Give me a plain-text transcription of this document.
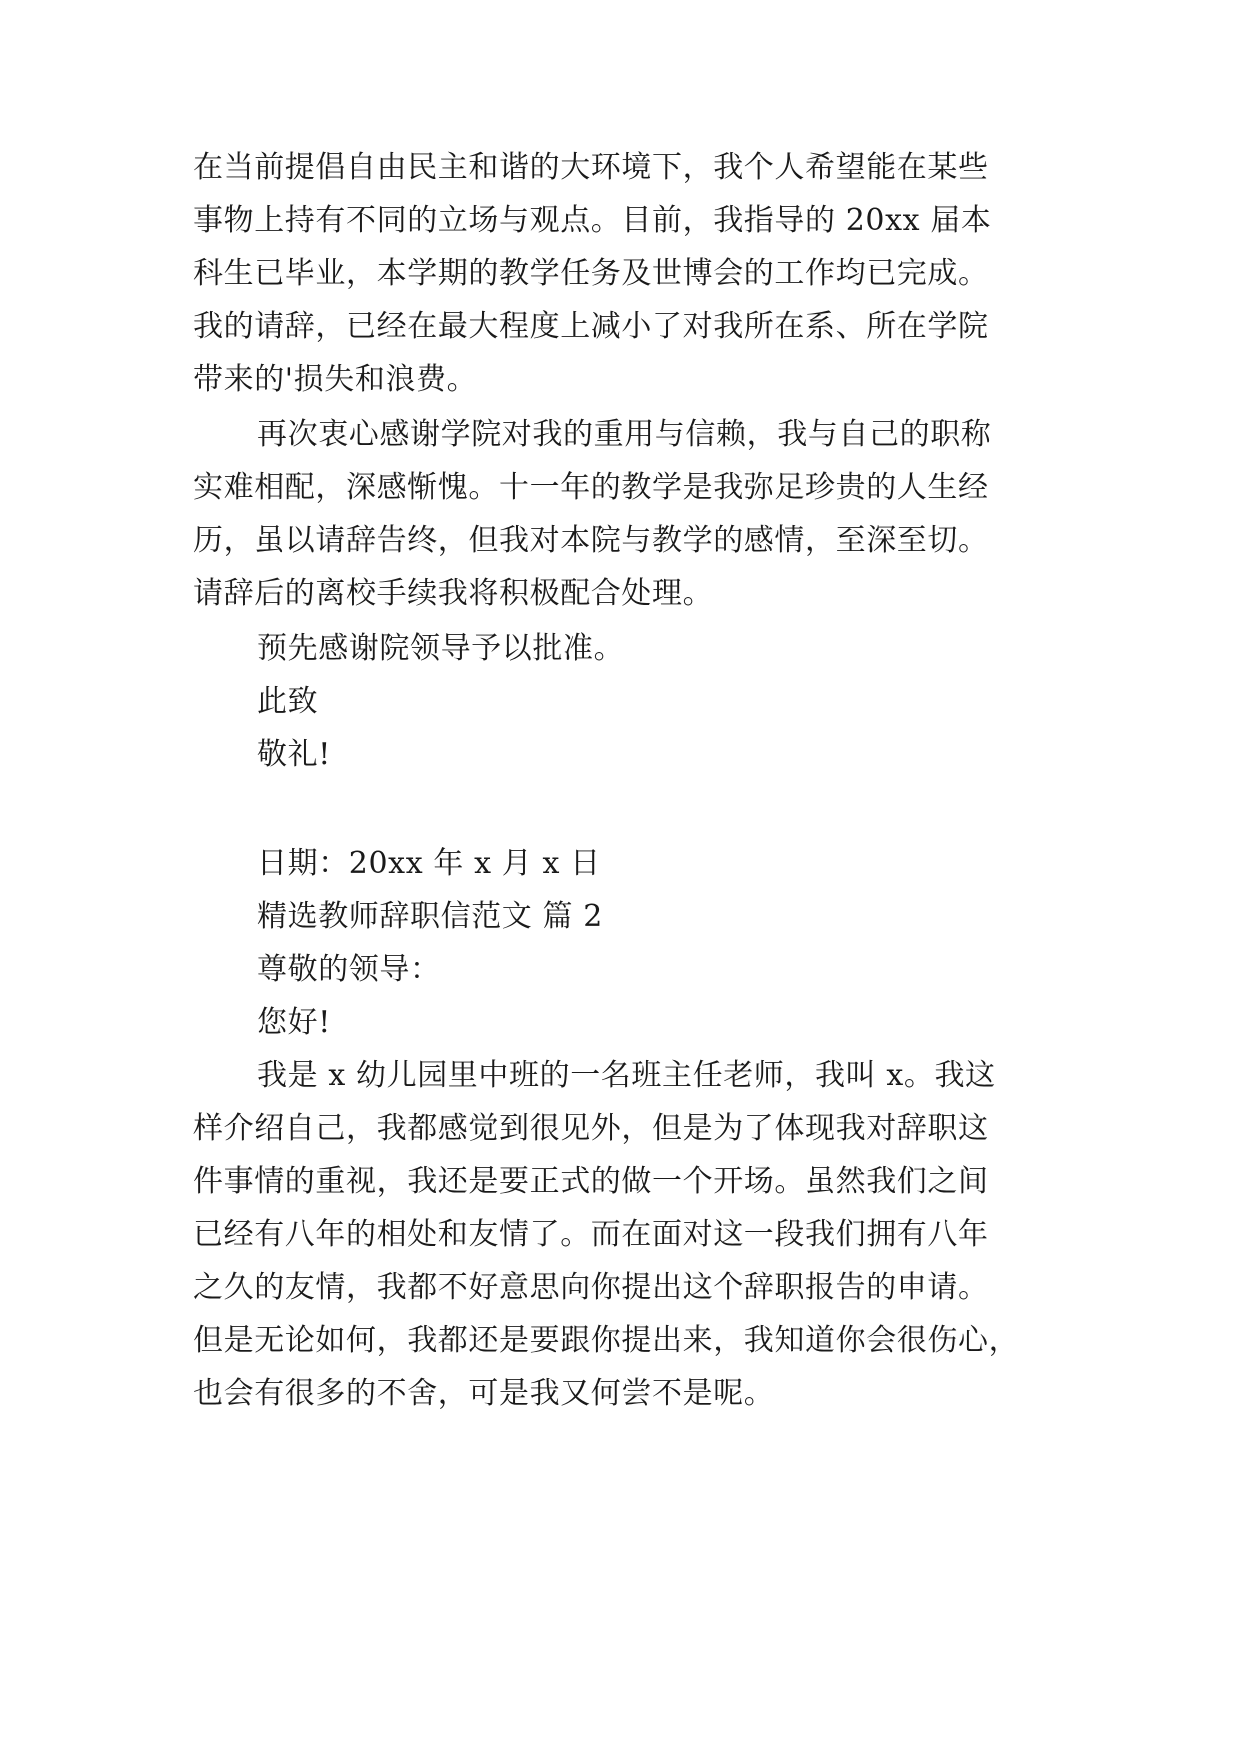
在当前提倡自由民主和谐的大环境下，我个人希望能在某些

事物上持有不同的立场与观点。目前，我指导的 20xx 届本

科生已毕业，本学期的教学任务及世博会的工作均已完成。

我的请辞，已经在最大程度上减小了对我所在系、所在学院

带来的'损失和浪费。

再次衷心感谢学院对我的重用与信赖，我与自己的职称

实难相配，深感惭愧。十一年的教学是我弥足珍贵的人生经

历，虽以请辞告终，但我对本院与教学的感情，至深至切。

请辞后的离校手续我将积极配合处理。

预先感谢院领导予以批准。

此致

敬礼!

日期：20xx 年 x 月 x 日

精选教师辞职信范文 篇 2

尊敬的领导：

您好!

我是 x 幼儿园里中班的一名班主任老师，我叫 x。我这

样介绍自己，我都感觉到很见外，但是为了体现我对辞职这

件事情的重视，我还是要正式的做一个开场。虽然我们之间

已经有八年的相处和友情了。而在面对这一段我们拥有八年

之久的友情，我都不好意思向你提出这个辞职报告的申请。

但是无论如何，我都还是要跟你提出来，我知道你会很伤心，

也会有很多的不舍，可是我又何尝不是呢。
